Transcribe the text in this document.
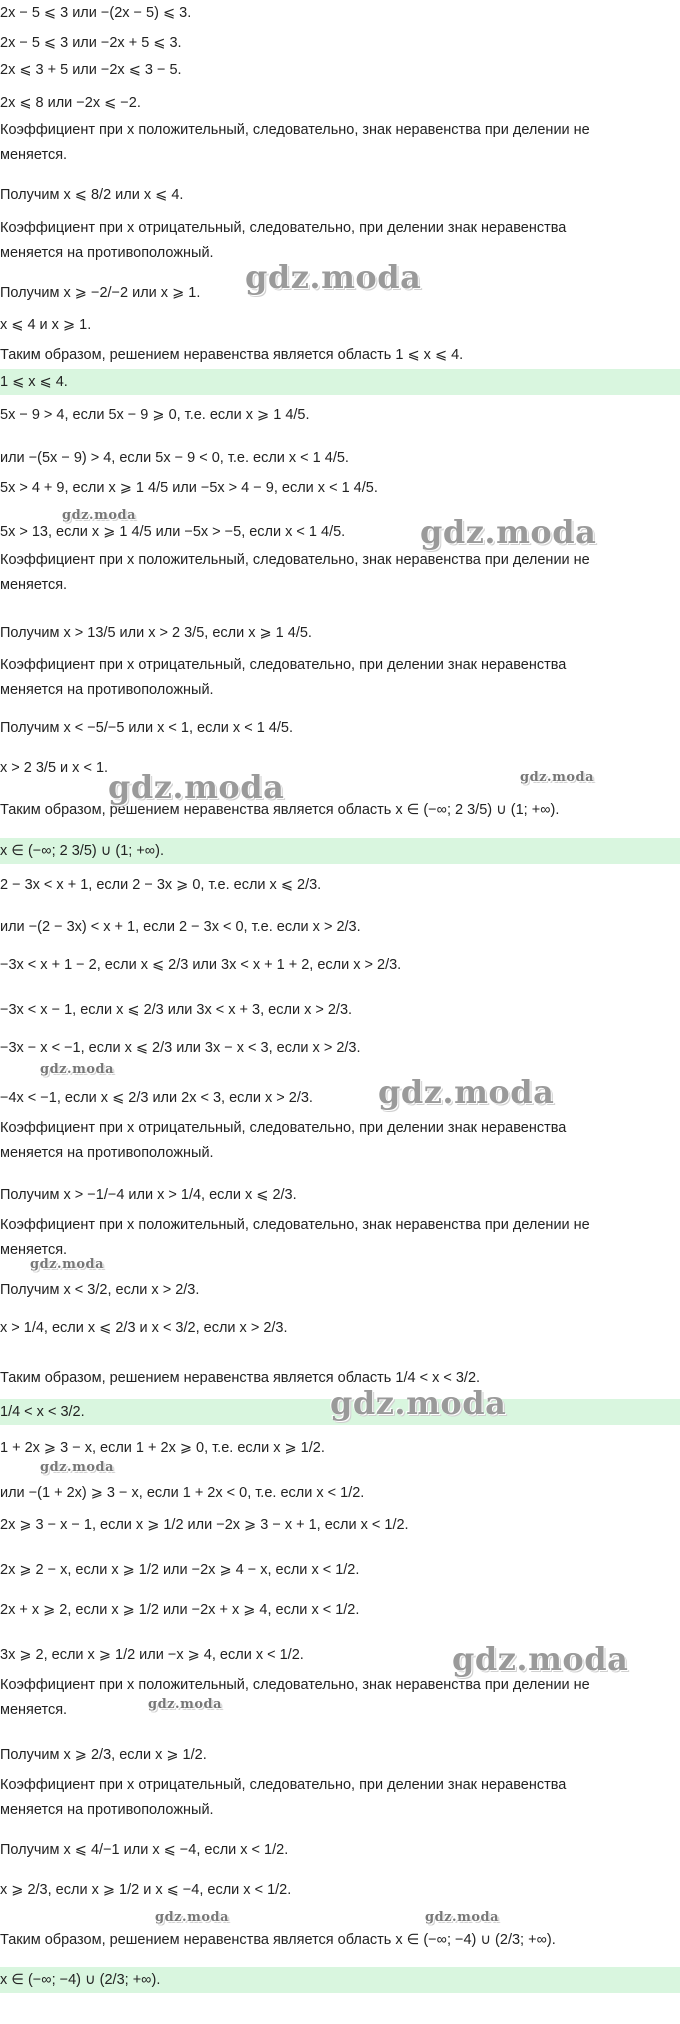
2x − 5 ⩽ 3 или −(2x − 5) ⩽ 3.
2x − 5 ⩽ 3 или −2x + 5 ⩽ 3.
2x ⩽ 3 + 5 или −2x ⩽ 3 − 5.
2x ⩽ 8 или −2x ⩽ −2.
Коэффициент при x положительный, следовательно, знак неравенства при делении не
меняется.
Получим x ⩽ 8/2 или x ⩽ 4.
Коэффициент при x отрицательный, следовательно, при делении знак неравенства
меняется на противоположный.
Получим x ⩾ −2/−2 или x ⩾ 1.
x ⩽ 4 и x ⩾ 1.
Таким образом, решением неравенства является область 1 ⩽ x ⩽ 4.
1 ⩽ x ⩽ 4.
5x − 9 > 4, если 5x − 9 ⩾ 0, т.е. если x ⩾ 1 4/5.
или −(5x − 9) > 4, если 5x − 9 < 0, т.е. если x < 1 4/5.
5x > 4 + 9, если x ⩾ 1 4/5 или −5x > 4 − 9, если x < 1 4/5.
5x > 13, если x ⩾ 1 4/5 или −5x > −5, если x < 1 4/5.
Коэффициент при x положительный, следовательно, знак неравенства при делении не
меняется.
Получим x > 13/5 или x > 2 3/5, если x ⩾ 1 4/5.
Коэффициент при x отрицательный, следовательно, при делении знак неравенства
меняется на противоположный.
Получим x < −5/−5 или x < 1, если x < 1 4/5.
x > 2 3/5 и x < 1.
Таким образом, решением неравенства является область x ∈ (−∞; 2 3/5) ∪ (1; +∞).
x ∈ (−∞; 2 3/5) ∪ (1; +∞).
2 − 3x < x + 1, если 2 − 3x ⩾ 0, т.е. если x ⩽ 2/3.
или −(2 − 3x) < x + 1, если 2 − 3x < 0, т.е. если x > 2/3.
−3x < x + 1 − 2, если x ⩽ 2/3 или 3x < x + 1 + 2, если x > 2/3.
−3x < x − 1, если x ⩽ 2/3 или 3x < x + 3, если x > 2/3.
−3x − x < −1, если x ⩽ 2/3 или 3x − x < 3, если x > 2/3.
−4x < −1, если x ⩽ 2/3 или 2x < 3, если x > 2/3.
Коэффициент при x отрицательный, следовательно, при делении знак неравенства
меняется на противоположный.
Получим x > −1/−4 или x > 1/4, если x ⩽ 2/3.
Коэффициент при x положительный, следовательно, знак неравенства при делении не
меняется.
Получим x < 3/2, если x > 2/3.
x > 1/4, если x ⩽ 2/3 и x < 3/2, если x > 2/3.
Таким образом, решением неравенства является область 1/4 < x < 3/2.
1/4 < x < 3/2.
1 + 2x ⩾ 3 − x, если 1 + 2x ⩾ 0, т.е. если x ⩾ 1/2.
или −(1 + 2x) ⩾ 3 − x, если 1 + 2x < 0, т.е. если x < 1/2.
2x ⩾ 3 − x − 1, если x ⩾ 1/2 или −2x ⩾ 3 − x + 1, если x < 1/2.
2x ⩾ 2 − x, если x ⩾ 1/2 или −2x ⩾ 4 − x, если x < 1/2.
2x + x ⩾ 2, если x ⩾ 1/2 или −2x + x ⩾ 4, если x < 1/2.
3x ⩾ 2, если x ⩾ 1/2 или −x ⩾ 4, если x < 1/2.
Коэффициент при x положительный, следовательно, знак неравенства при делении не
меняется.
Получим x ⩾ 2/3, если x ⩾ 1/2.
Коэффициент при x отрицательный, следовательно, при делении знак неравенства
меняется на противоположный.
Получим x ⩽ 4/−1 или x ⩽ −4, если x < 1/2.
x ⩾ 2/3, если x ⩾ 1/2 и x ⩽ −4, если x < 1/2.
Таким образом, решением неравенства является область x ∈ (−∞; −4) ∪ (2/3; +∞).
x ∈ (−∞; −4) ∪ (2/3; +∞).
gdz.moda
gdz.moda	gdz.moda
gdz.moda	gdz.moda
gdz.moda
gdz.moda
gdz.moda
gdz.moda
gdz.moda
gdz.moda
gdz.moda
gdz.moda	gdz.moda
